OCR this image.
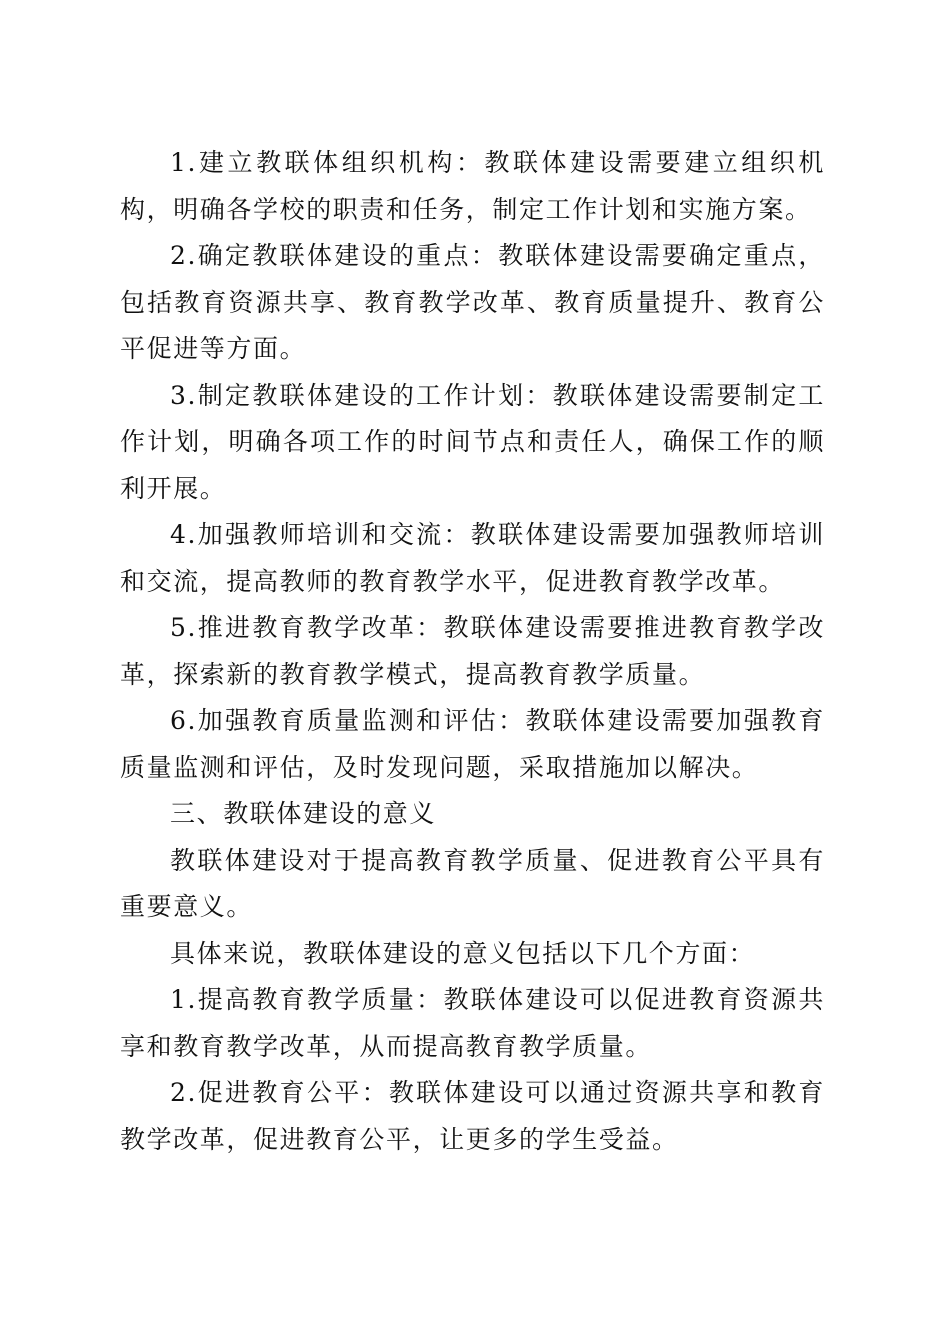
1.建立教联体组织机构：教联体建设需要建立组织机构，明确各学校的职责和任务，制定工作计划和实施方案。

2.确定教联体建设的重点：教联体建设需要确定重点，包括教育资源共享、教育教学改革、教育质量提升、教育公平促进等方面。

3.制定教联体建设的工作计划：教联体建设需要制定工作计划，明确各项工作的时间节点和责任人，确保工作的顺利开展。

4.加强教师培训和交流：教联体建设需要加强教师培训和交流，提高教师的教育教学水平，促进教育教学改革。

5.推进教育教学改革：教联体建设需要推进教育教学改革，探索新的教育教学模式，提高教育教学质量。

6.加强教育质量监测和评估：教联体建设需要加强教育质量监测和评估，及时发现问题，采取措施加以解决。

三、教联体建设的意义

教联体建设对于提高教育教学质量、促进教育公平具有重要意义。

具体来说，教联体建设的意义包括以下几个方面：

1.提高教育教学质量：教联体建设可以促进教育资源共享和教育教学改革，从而提高教育教学质量。

2.促进教育公平：教联体建设可以通过资源共享和教育教学改革，促进教育公平，让更多的学生受益。
